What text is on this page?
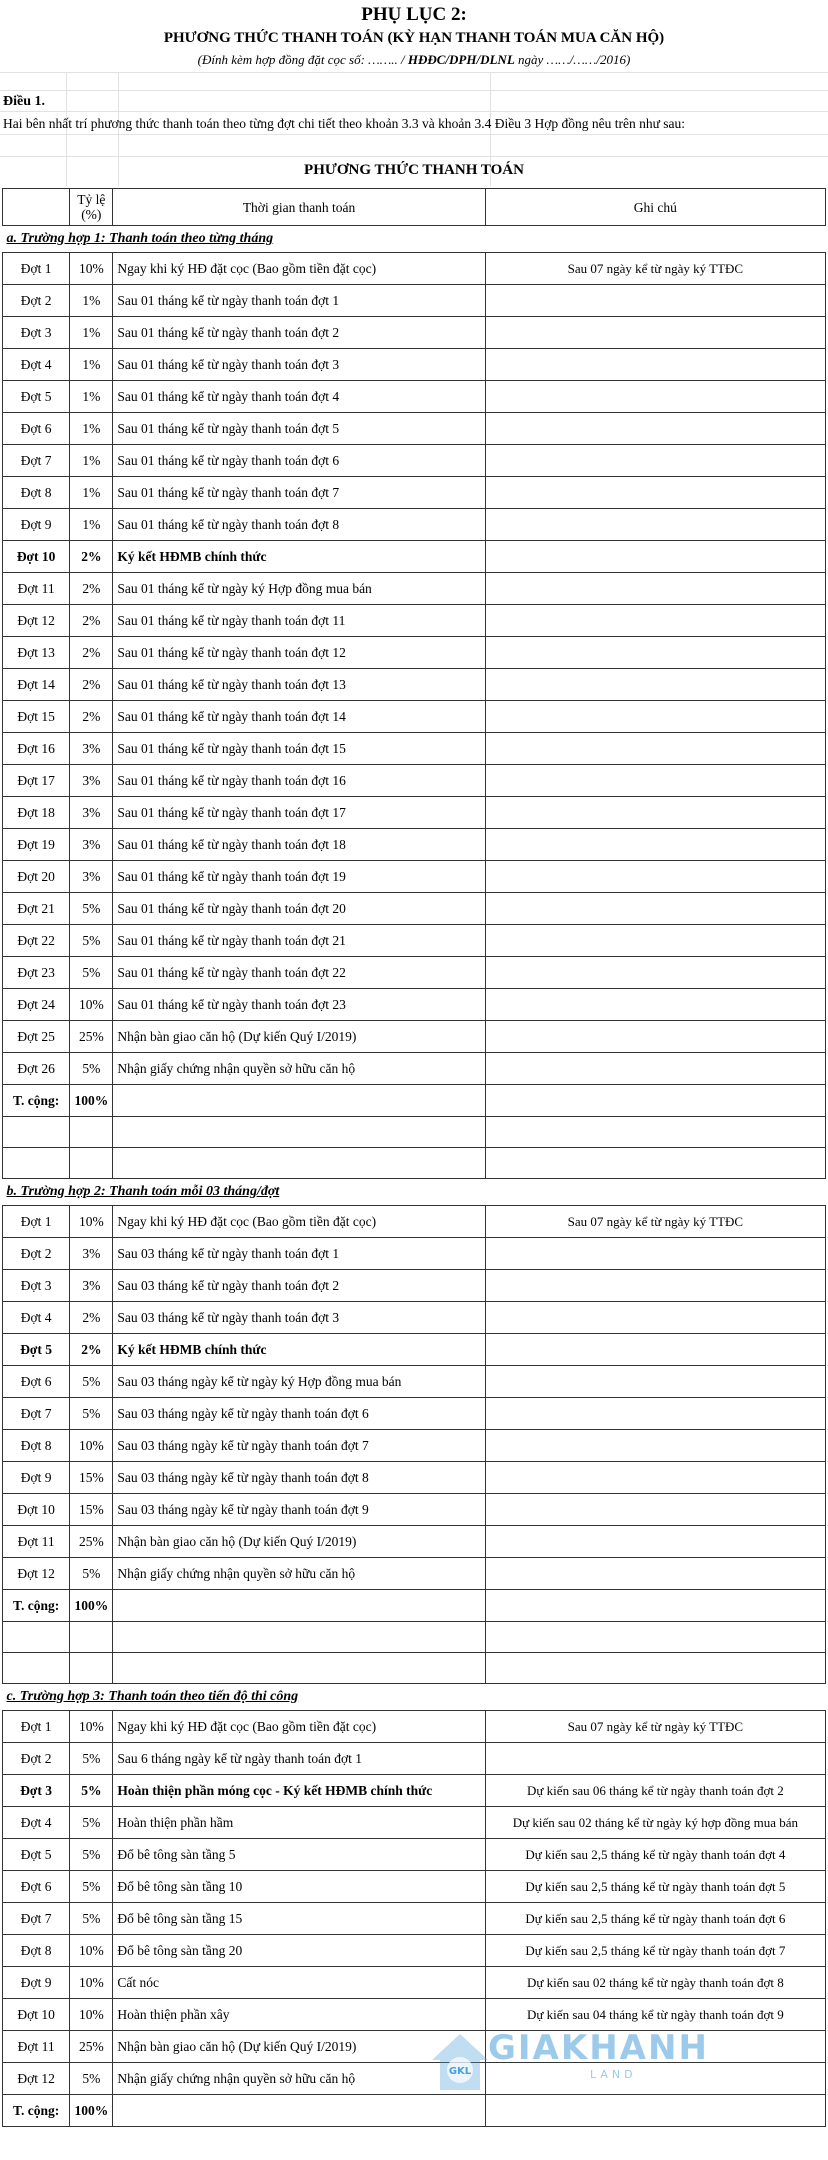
PHỤ LỤC 2:
PHƯƠNG THỨC THANH TOÁN (KỲ HẠN THANH TOÁN MUA CĂN HỘ)
(Đính kèm hợp đồng đặt cọc số: …….. / HĐĐC/DPH/DLNL ngày ……/……/2016)
Điều 1.
Hai bên nhất trí phương thức thanh toán theo từng đợt chi tiết theo khoản 3.3 và khoản 3.4 Điều 3 Hợp đồng nêu trên như sau:
PHƯƠNG THỨC THANH TOÁN
	Tỷ lệ (%)	Thời gian thanh toán	Ghi chú
a. Trường hợp 1: Thanh toán theo từng tháng			
Đợt 1	10%	Ngay khi ký HĐ đặt cọc (Bao gồm tiền đặt cọc)	Sau 07 ngày kể từ ngày ký TTĐC
Đợt 2	1%	Sau 01 tháng kể từ ngày thanh toán đợt 1	
Đợt 3	1%	Sau 01 tháng kể từ ngày thanh toán đợt 2	
Đợt 4	1%	Sau 01 tháng kể từ ngày thanh toán đợt 3	
Đợt 5	1%	Sau 01 tháng kể từ ngày thanh toán đợt 4	
Đợt 6	1%	Sau 01 tháng kể từ ngày thanh toán đợt 5	
Đợt 7	1%	Sau 01 tháng kể từ ngày thanh toán đợt 6	
Đợt 8	1%	Sau 01 tháng kể từ ngày thanh toán đợt 7	
Đợt 9	1%	Sau 01 tháng kể từ ngày thanh toán đợt 8	
Đợt 10	2%	Ký kết HĐMB chính thức	
Đợt 11	2%	Sau 01 tháng kể từ ngày ký Hợp đồng mua bán	
Đợt 12	2%	Sau 01 tháng kể từ ngày thanh toán đợt 11	
Đợt 13	2%	Sau 01 tháng kể từ ngày thanh toán đợt 12	
Đợt 14	2%	Sau 01 tháng kể từ ngày thanh toán đợt 13	
Đợt 15	2%	Sau 01 tháng kể từ ngày thanh toán đợt 14	
Đợt 16	3%	Sau 01 tháng kể từ ngày thanh toán đợt 15	
Đợt 17	3%	Sau 01 tháng kể từ ngày thanh toán đợt 16	
Đợt 18	3%	Sau 01 tháng kể từ ngày thanh toán đợt 17	
Đợt 19	3%	Sau 01 tháng kể từ ngày thanh toán đợt 18	
Đợt 20	3%	Sau 01 tháng kể từ ngày thanh toán đợt 19	
Đợt 21	5%	Sau 01 tháng kể từ ngày thanh toán đợt 20	
Đợt 22	5%	Sau 01 tháng kể từ ngày thanh toán đợt 21	
Đợt 23	5%	Sau 01 tháng kể từ ngày thanh toán đợt 22	
Đợt 24	10%	Sau 01 tháng kể từ ngày thanh toán đợt 23	
Đợt 25	25%	Nhận bàn giao căn hộ (Dự kiến Quý I/2019)	
Đợt 26	5%	Nhận giấy chứng nhận quyền sở hữu căn hộ	
T. cộng:	100%		

b. Trường hợp 2: Thanh toán mỗi 03 tháng/đợt			
Đợt 1	10%	Ngay khi ký HĐ đặt cọc (Bao gồm tiền đặt cọc)	Sau 07 ngày kể từ ngày ký TTĐC
Đợt 2	3%	Sau 03 tháng kể từ ngày thanh toán đợt 1	
Đợt 3	3%	Sau 03 tháng kể từ ngày thanh toán đợt 2	
Đợt 4	2%	Sau 03 tháng kể từ ngày thanh toán đợt 3	
Đợt 5	2%	Ký kết HĐMB chính thức	
Đợt 6	5%	Sau 03 tháng ngày kể từ ngày ký Hợp đồng mua bán	
Đợt 7	5%	Sau 03 tháng ngày kể từ ngày thanh toán đợt 6	
Đợt 8	10%	Sau 03 tháng ngày kể từ ngày thanh toán đợt 7	
Đợt 9	15%	Sau 03 tháng ngày kể từ ngày thanh toán đợt 8	
Đợt 10	15%	Sau 03 tháng ngày kể từ ngày thanh toán đợt 9	
Đợt 11	25%	Nhận bàn giao căn hộ (Dự kiến Quý I/2019)	
Đợt 12	5%	Nhận giấy chứng nhận quyền sở hữu căn hộ	
T. cộng:	100%		

c. Trường hợp 3: Thanh toán theo tiến độ thi công			
Đợt 1	10%	Ngay khi ký HĐ đặt cọc (Bao gồm tiền đặt cọc)	Sau 07 ngày kể từ ngày ký TTĐC
Đợt 2	5%	Sau 6 tháng ngày kể từ ngày thanh toán đợt 1	
Đợt 3	5%	Hoàn thiện phần móng cọc - Ký kết HĐMB chính thức	Dự kiến sau 06 tháng kể từ ngày thanh toán đợt 2
Đợt 4	5%	Hoàn thiện phần hầm	Dự kiến sau 02 tháng kể từ ngày ký hợp đồng mua bán
Đợt 5	5%	Đổ bê tông sàn tầng 5	Dự kiến sau 2,5 tháng kể từ ngày thanh toán đợt 4
Đợt 6	5%	Đổ bê tông sàn tầng 10	Dự kiến sau 2,5 tháng kể từ ngày thanh toán đợt 5
Đợt 7	5%	Đổ bê tông sàn tầng 15	Dự kiến sau 2,5 tháng kể từ ngày thanh toán đợt 6
Đợt 8	10%	Đổ bê tông sàn tầng 20	Dự kiến sau 2,5 tháng kể từ ngày thanh toán đợt 7
Đợt 9	10%	Cất nóc	Dự kiến sau 02 tháng kể từ ngày thanh toán đợt 8
Đợt 10	10%	Hoàn thiện phần xây	Dự kiến sau 04 tháng kể từ ngày thanh toán đợt 9
Đợt 11	25%	Nhận bàn giao căn hộ (Dự kiến Quý I/2019)	
Đợt 12	5%	Nhận giấy chứng nhận quyền sở hữu căn hộ	
T. cộng:	100%		
GKL
GIAKHANH
LAND
